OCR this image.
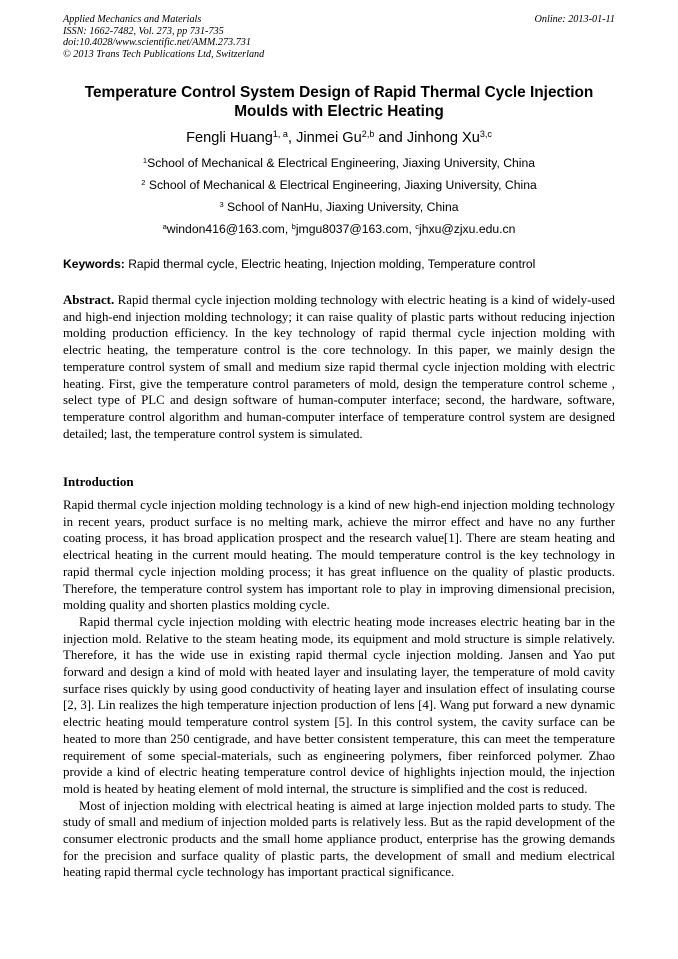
Applied Mechanics and Materials
ISSN: 1662-7482, Vol. 273, pp 731-735
doi:10.4028/www.scientific.net/AMM.273.731
© 2013 Trans Tech Publications Ltd, Switzerland
Online: 2013-01-11
Temperature Control System Design of Rapid Thermal Cycle Injection Moulds with Electric Heating
Fengli Huang$^{1, a}$, Jinmei Gu$^{2,b}$ and Jinhong Xu$^{3,c}$
$^1$School of Mechanical & Electrical Engineering, Jiaxing University, China
$^2$ School of Mechanical & Electrical Engineering, Jiaxing University, China
$^3$ School of NanHu, Jiaxing University, China
$^a$windon416@163.com, $^b$jmgu8037@163.com, $^c$jhxu@zjxu.edu.cn
Keywords: Rapid thermal cycle, Electric heating, Injection molding, Temperature control

Abstract. Rapid thermal cycle injection molding technology with electric heating is a kind of widely-used and high-end injection molding technology; it can raise quality of plastic parts without reducing injection molding production efficiency. In the key technology of rapid thermal cycle injection molding with electric heating, the temperature control is the core technology. In this paper, we mainly design the temperature control system of small and medium size rapid thermal cycle injection molding with electric heating. First, give the temperature control parameters of mold, design the temperature control scheme , select type of PLC and design software of human-computer interface; second, the hardware, software, temperature control algorithm and human-computer interface of temperature control system are designed detailed; last, the temperature control system is simulated.

Introduction

Rapid thermal cycle injection molding technology is a kind of new high-end injection molding technology in recent years, product surface is no melting mark, achieve the mirror effect and have no any further coating process, it has broad application prospect and the research value[1]. There are steam heating and electrical heating in the current mould heating. The mould temperature control is the key technology in rapid thermal cycle injection molding process; it has great influence on the quality of plastic products. Therefore, the temperature control system has important role to play in improving dimensional precision, molding quality and shorten plastics molding cycle.

Rapid thermal cycle injection molding with electric heating mode increases electric heating bar in the injection mold. Relative to the steam heating mode, its equipment and mold structure is simple relatively. Therefore, it has the wide use in existing rapid thermal cycle injection molding. Jansen and Yao put forward and design a kind of mold with heated layer and insulating layer, the temperature of mold cavity surface rises quickly by using good conductivity of heating layer and insulation effect of insulating course [2, 3]. Lin realizes the high temperature injection production of lens [4]. Wang put forward a new dynamic electric heating mould temperature control system [5]. In this control system, the cavity surface can be heated to more than 250 centigrade, and have better consistent temperature, this can meet the temperature requirement of some special-materials, such as engineering polymers, fiber reinforced polymer. Zhao provide a kind of electric heating temperature control device of highlights injection mould, the injection mold is heated by heating element of mold internal, the structure is simplified and the cost is reduced.

Most of injection molding with electrical heating is aimed at large injection molded parts to study. The study of small and medium of injection molded parts is relatively less. But as the rapid development of the consumer electronic products and the small home appliance product, enterprise has the growing demands for the precision and surface quality of plastic parts, the development of small and medium electrical heating rapid thermal cycle technology has important practical significance.
